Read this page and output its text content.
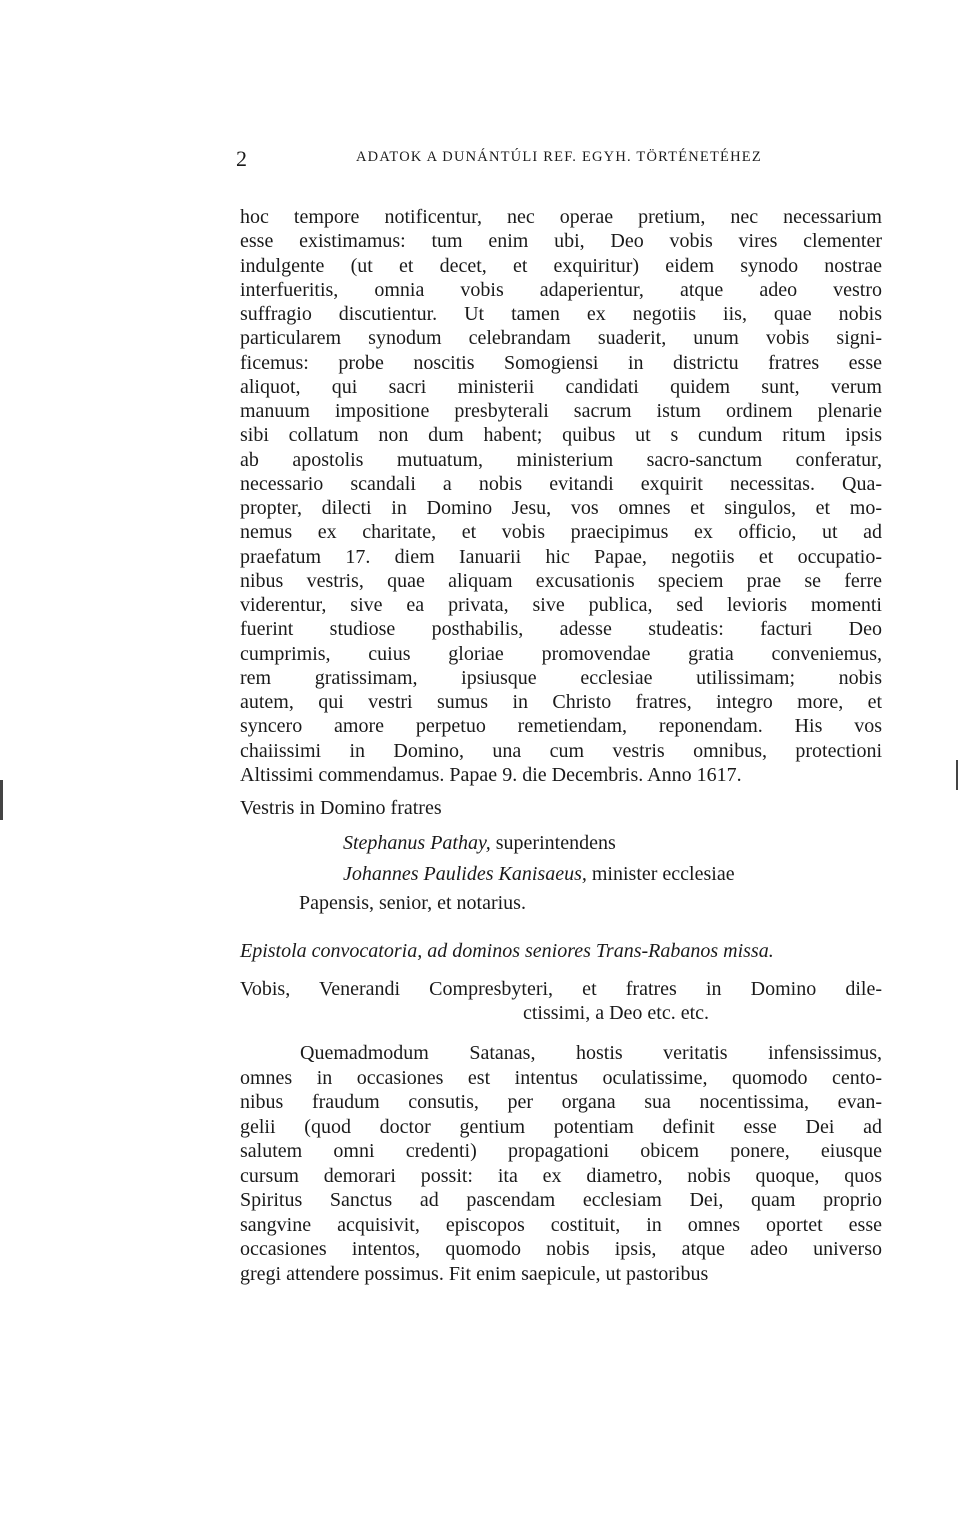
2	ADATOK A DUNÁNTÚLI REF. EGYH. TÖRTÉNETÉHEZ
hoc tempore notificentur, nec operae pretium, nec necessarium
esse existimamus: tum enim ubi, Deo vobis vires clementer
indulgente (ut et decet, et exquiritur) eidem synodo nostrae
interfueritis, omnia vobis adaperientur, atque adeo vestro
suffragio discutientur. Ut tamen ex negotiis iis, quae nobis
particularem synodum celebrandam suaderit, unum vobis signi-
ficemus: probe noscitis Somogiensi in districtu fratres esse
aliquot, qui sacri ministerii candidati quidem sunt, verum
manuum impositione presbyterali sacrum istum ordinem plenarie
sibi collatum non dum habent; quibus ut s cundum ritum ipsis
ab apostolis mutuatum, ministerium sacro-sanctum conferatur,
necessario scandali a nobis evitandi exquirit necessitas. Qua-
propter, dilecti in Domino Jesu, vos omnes et singulos, et mo-
nemus ex charitate, et vobis praecipimus ex officio, ut ad
praefatum 17. diem Ianuarii hic Papae, negotiis et occupatio-
nibus vestris, quae aliquam excusationis speciem prae se ferre
viderentur, sive ea privata, sive publica, sed levioris momenti
fuerint studiose posthabilis, adesse studeatis: facturi Deo
cumprimis, cuius gloriae promovendae gratia conveniemus,
rem gratissimam, ipsiusque ecclesiae utilissimam; nobis
autem, qui vestri sumus in Christo fratres, integro more, et
syncero amore perpetuo remetiendam, reponendam. His vos
chaiissimi in Domino, una cum vestris omnibus, protectioni
Altissimi commendamus. Papae 9. die Decembris. Anno 1617.
Vestris in Domino fratres
Stephanus Pathay, superintendens
Johannes Paulides Kanisaeus, minister ecclesiae
Papensis, senior, et notarius.
Epistola convocatoria, ad dominos seniores Trans-Rabanos missa.
Vobis, Venerandi Compresbyteri, et fratres in Domino dile-
ctissimi, a Deo etc. etc.
Quemadmodum Satanas, hostis veritatis infensissimus,
omnes in occasiones est intentus oculatissime, quomodo cento-
nibus fraudum consutis, per organa sua nocentissima, evan-
gelii (quod doctor gentium potentiam definit esse Dei ad
salutem omni credenti) propagationi obicem ponere, eiusque
cursum demorari possit: ita ex diametro, nobis quoque, quos
Spiritus Sanctus ad pascendam ecclesiam Dei, quam proprio
sangvine acquisivit, episcopos costituit, in omnes oportet esse
occasiones intentos, quomodo nobis ipsis, atque adeo universo
gregi attendere possimus. Fit enim saepicule, ut pastoribus
